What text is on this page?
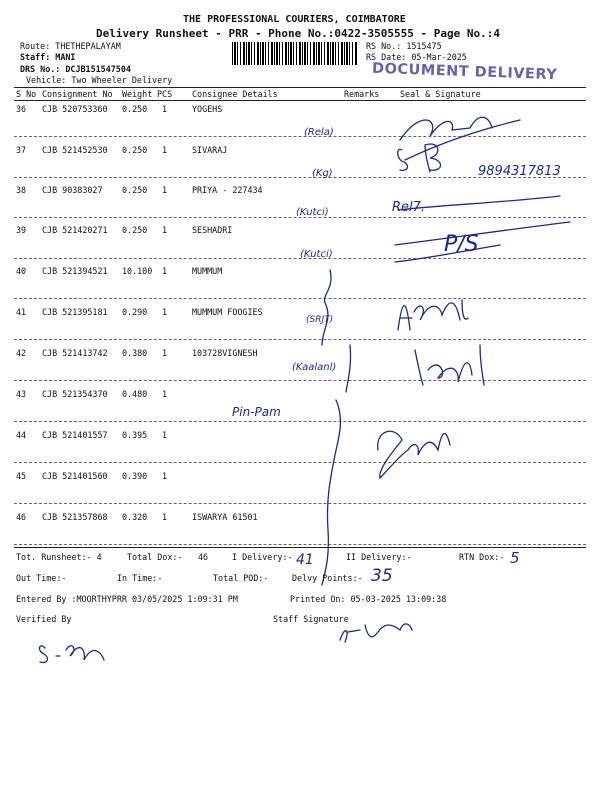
THE PROFESSIONAL COURIERS, COIMBATORE
Delivery Runsheet - PRR - Phone No.:0422-3505555 - Page No.:4
Route: THETHEPALAYAM
Staff: MANI
DRS No.: DCJB151547504
Vehicle: Two Wheeler Delivery
RS No.: 1515475
RS Date: 05-Mar-2025
DOCUMENT DELIVERY
S No Consignment No Weight PCS Consignee Details	Remarks Seal & Signature
36 CJB 520753360 0.250 1	YOGEHS
37 CJB 521452530 0.250 1	SIVARAJ
38 CJB 90383027 0.250 1	PRIYA - 227434
39 CJB 521420271 0.250 1	SESHADRI
40 CJB 521394521 10.100 1	MUMMUM
41 CJB 521395181 0.290 1	MUMMUM FOOGIES
42 CJB 521413742 0.380 1	103728VIGNESH
43 CJB 521354370 0.480 1
44 CJB 521401557 0.395 1
45 CJB 521401560 0.390 1
46 CJB 521357868 0.320 1	ISWARYA 61501
(Rela)
(Kg)
(Kutci)
(Kutci)
(SRJT)
(Kaalanl)
9894317813
Rel7.
P/S
Pin-Pam
Tot. Runsheet:- 4	Total Dox:- 46	I Delivery:- 41	II Delivery:-	RTN Dox:- 5
Out Time:-	In Time:-	Total POD:-	Delvy Points:- 35
Entered By :MOORTHYPRR 03/05/2025 1:09:31 PM	Printed On: 05-03-2025 13:09:38
Verified By	Staff Signature
